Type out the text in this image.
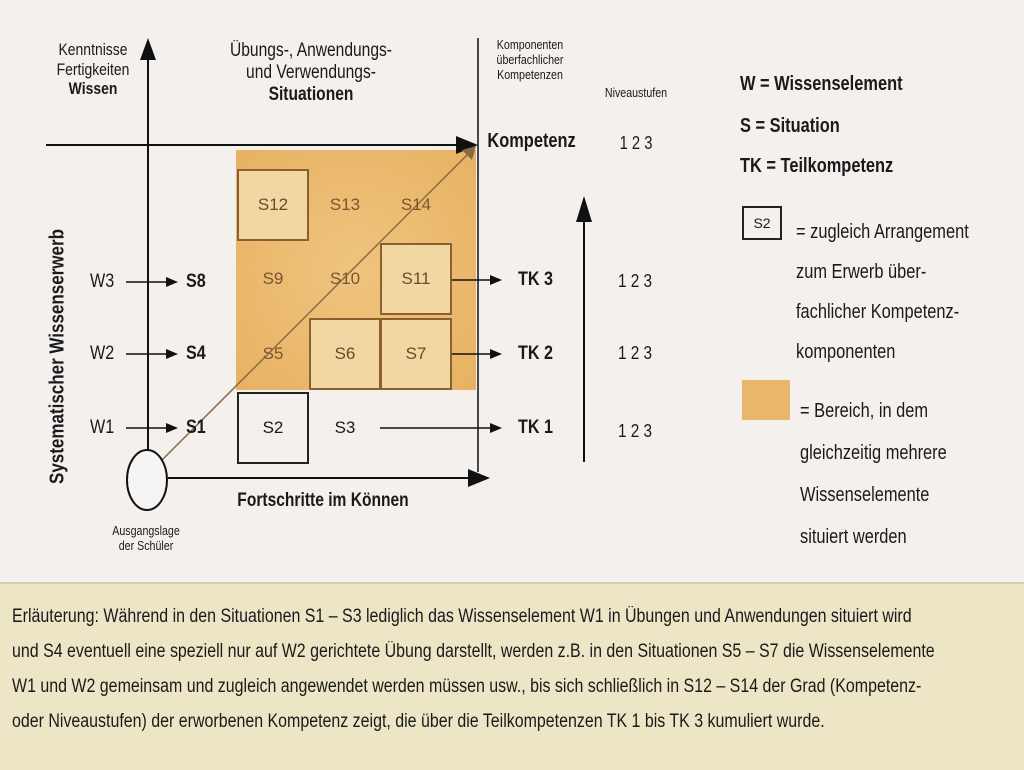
Kenntnisse
Fertigkeiten
Wissen
Übungs-, Anwendungs-
und Verwendungs-
Situationen
Komponenten
überfachlicher
Kompetenzen
Niveaustufen
Kompetenz	1 2 3
Systematischer Wissenserwerb W3	S8
W2	S4
W1	S1
TK 3
TK 2
TK 1
1 2 3
1 2 3
1 2 3
S12	S13	S14
S9	S10	S11
S5	S6	S7
S2	S3
Fortschritte im Können
Ausgangslage
der Schüler
W = Wissenselement
S = Situation
TK = Teilkompetenz
S2 = zugleich Arrangement
zum Erwerb über-
fachlicher Kompetenz-
komponenten
= Bereich, in dem
gleichzeitig mehrere
Wissenselemente
situiert werden
Erläuterung: Während in den Situationen S1 – S3 lediglich das Wissenselement W1 in Übungen und Anwendungen situiert wird
und S4 eventuell eine speziell nur auf W2 gerichtete Übung darstellt, werden z.B. in den Situationen S5 – S7 die Wissenselemente
W1 und W2 gemeinsam und zugleich angewendet werden müssen usw., bis sich schließlich in S12 – S14 der Grad (Kompetenz-
oder Niveaustufen) der erworbenen Kompetenz zeigt, die über die Teilkompetenzen TK 1 bis TK 3 kumuliert wurde.
